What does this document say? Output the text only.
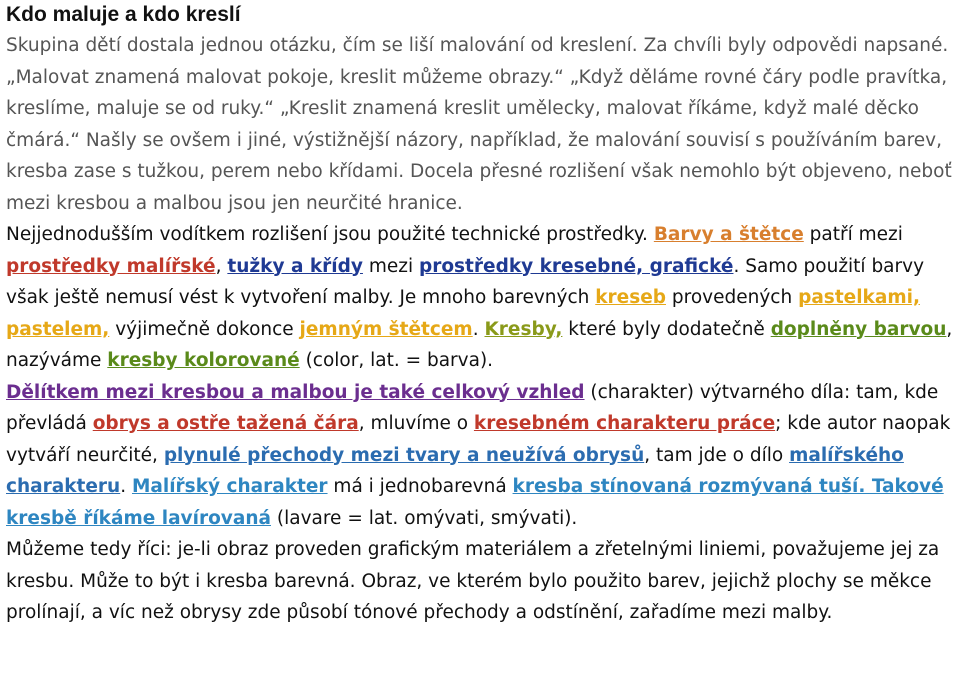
Kdo maluje a kdo kreslí

Skupina dětí dostala jednou otázku, čím se liší malování od kreslení. Za chvíli byly odpovědi napsané. „Malovat znamená malovat pokoje, kreslit můžeme obrazy.“ „Když děláme rovné čáry podle pravítka, kreslíme, maluje se od ruky.“ „Kreslit znamená kreslit umělecky, malovat říkáme, když malé děcko čmárá.“ Našly se ovšem i jiné, výstižnější názory, například, že malování souvisí s používáním barev, kresba zase s tužkou, perem nebo křídami. Docela přesné rozlišení však nemohlo být objeveno, neboť mezi kresbou a malbou jsou jen neurčité hranice.

Nejjednodušším vodítkem rozlišení jsou použité technické prostředky. Barvy a štětce patří mezi prostředky malířské, tužky a křídy mezi prostředky kresebné, grafické. Samo použití barvy však ještě nemusí vést k vytvoření malby. Je mnoho barevných kreseb provedených pastelkami, pastelem, výjimečně dokonce jemným štětcem. Kresby, které byly dodatečně doplněny barvou, nazýváme kresby kolorované (color, lat. = barva).

Dělítkem mezi kresbou a malbou je také celkový vzhled (charakter) výtvarného díla: tam, kde převládá obrys a ostře tažená čára, mluvíme o kresebném charakteru práce; kde autor naopak vytváří neurčité, plynulé přechody mezi tvary a neužívá obrysů, tam jde o dílo malířského charakteru. Malířský charakter má i jednobarevná kresba stínovaná rozmývaná tuší. Takové kresbě říkáme lavírovaná (lavare = lat. omývati, smývati).

Můžeme tedy říci: je-li obraz proveden grafickým materiálem a zřetelnými liniemi, považujeme jej za kresbu. Může to být i kresba barevná. Obraz, ve kterém bylo použito barev, jejichž plochy se měkce prolínají, a víc než obrysy zde působí tónové přechody a odstínění, zařadíme mezi malby.
